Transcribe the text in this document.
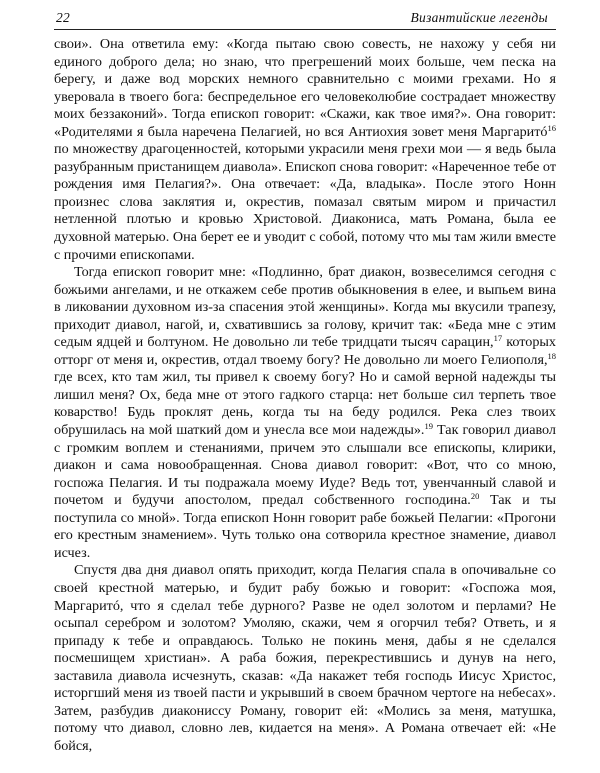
22	Византийские легенды

свои». Она ответила ему: «Когда пытаю свою совесть, не нахожу у себя ни единого доброго дела; но знаю, что прегрешений моих больше, чем песка на берегу, и даже вод морских немного сравнительно с моими грехами. Но я уверовала в твоего бога: беспредельное его человеколюбие сострадает множеству моих беззаконий». Тогда епископ говорит: «Скажи, как твое имя?». Она говорит: «Родителями я была наречена Пелагией, но вся Антиохия зовет меня Маргаритó$^{16}$ по множеству драгоценностей, которыми украсили меня грехи мои — я ведь была разубранным пристанищем диавола». Епископ снова говорит: «Нареченное тебе от рождения имя Пелагия?». Она отвечает: «Да, владыка». После этого Нонн произнес слова заклятия и, окрестив, помазал святым миром и причастил нетленной плотью и кровью Христовой. Диакониса, мать Романа, была ее духовной матерью. Она берет ее и уводит с собой, потому что мы там жили вместе с прочими епископами.

Тогда епископ говорит мне: «Подлинно, брат диакон, возвеселимся сегодня с божьими ангелами, и не откажем себе против обыкновения в елее, и выпьем вина в ликовании духовном из-за спасения этой женщины». Когда мы вкусили трапезу, приходит диавол, нагой, и, схватившись за голову, кричит так: «Беда мне с этим седым ядцей и болтуном. Не довольно ли тебе тридцати тысяч сарацин,$^{17}$ которых отторг от меня и, окрестив, отдал твоему богу? Не довольно ли моего Гелиополя,$^{18}$ где всех, кто там жил, ты привел к своему богу? Но и самой верной надежды ты лишил меня? Ох, беда мне от этого гадкого старца: нет больше сил терпеть твое коварство! Будь проклят день, когда ты на беду родился. Река слез твоих обрушилась на мой шаткий дом и унесла все мои надежды».$^{19}$ Так говорил диавол с громким воплем и стенаниями, причем это слышали все епископы, клирики, диакон и сама новообращенная. Снова диавол говорит: «Вот, что со мною, госпожа Пелагия. И ты подражала моему Иуде? Ведь тот, увенчанный славой и почетом и будучи апостолом, предал собственного господина.$^{20}$ Так и ты поступила со мной». Тогда епископ Нонн говорит рабе божьей Пелагии: «Прогони его крестным знамением». Чуть только она сотворила крестное знамение, диавол исчез.

Спустя два дня диавол опять приходит, когда Пелагия спала в опочивальне со своей крестной матерью, и будит рабу божью и говорит: «Госпожа моя, Маргаритó, что я сделал тебе дурного? Разве не одел золотом и перлами? Не осыпал серебром и золотом? Умоляю, скажи, чем я огорчил тебя? Ответь, и я припаду к тебе и оправдаюсь. Только не покинь меня, дабы я не сделался посмешищем христиан». А раба божия, перекрестившись и дунув на него, заставила диавола исчезнуть, сказав: «Да накажет тебя господь Иисус Христос, исторгший меня из твоей пасти и укрывший в своем брачном чертоге на небесах». Затем, разбудив диакониссу Роману, говорит ей: «Молись за меня, матушка, потому что диавол, словно лев, кидается на меня». А Романа отвечает ей: «Не бойся,
